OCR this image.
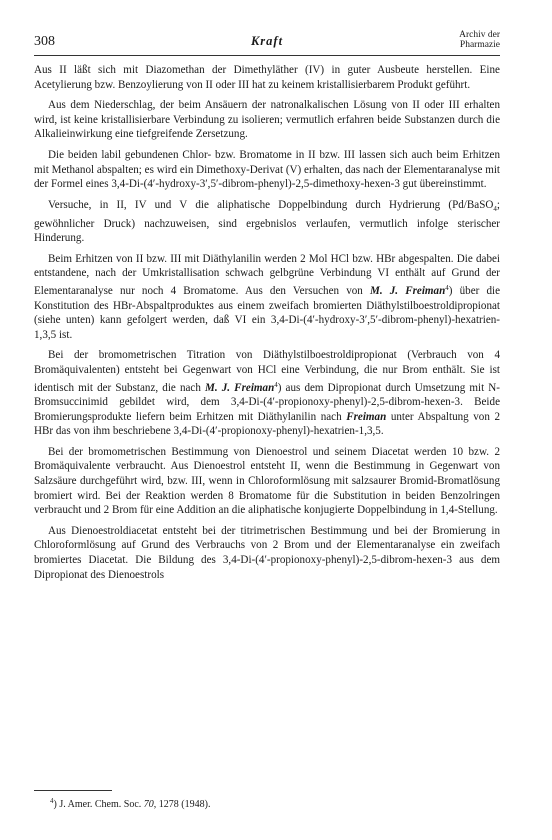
308	Kraft	Archiv der
Pharmazie

Aus II läßt sich mit Diazomethan der Dimethyläther (IV) in guter Ausbeute herstellen. Eine Acetylierung bzw. Benzoylierung von II oder III hat zu keinem kristallisierbarem Produkt geführt.

Aus dem Niederschlag, der beim Ansäuern der natronalkalischen Lösung von II oder III erhalten wird, ist keine kristallisierbare Verbindung zu isolieren; vermutlich erfahren beide Substanzen durch die Alkalieinwirkung eine tiefgreifende Zersetzung.

Die beiden labil gebundenen Chlor- bzw. Bromatome in II bzw. III lassen sich auch beim Erhitzen mit Methanol abspalten; es wird ein Dimethoxy-Derivat (V) erhalten, das nach der Elementaranalyse mit der Formel eines 3,4-Di-(4′-hydroxy-3′,5′-dibrom-phenyl)-2,5-dimethoxy-hexen-3 gut übereinstimmt.

Versuche, in II, IV und V die aliphatische Doppelbindung durch Hydrierung (Pd/BaSO$_4$; gewöhnlicher Druck) nachzuweisen, sind ergebnislos verlaufen, vermutlich infolge sterischer Hinderung.

Beim Erhitzen von II bzw. III mit Diäthylanilin werden 2 Mol HCl bzw. HBr abgespalten. Die dabei entstandene, nach der Umkristallisation schwach gelbgrüne Verbindung VI enthält auf Grund der Elementaranalyse nur noch 4 Bromatome. Aus den Versuchen von M. J. Freiman$^4$) über die Konstitution des HBr-Abspaltproduktes aus einem zweifach bromierten Diäthylstilboestroldipropionat (siehe unten) kann gefolgert werden, daß VI ein 3,4-Di-(4′-hydroxy-3′,5′-dibrom-phenyl)-hexatrien-1,3,5 ist.

Bei der bromometrischen Titration von Diäthylstilboestroldipropionat (Verbrauch von 4 Bromäquivalenten) entsteht bei Gegenwart von HCl eine Verbindung, die nur Brom enthält. Sie ist identisch mit der Substanz, die nach M. J. Freiman$^4$) aus dem Dipropionat durch Umsetzung mit N-Bromsuccinimid gebildet wird, dem 3,4-Di-(4′-propionoxy-phenyl)-2,5-dibrom-hexen-3. Beide Bromierungsprodukte liefern beim Erhitzen mit Diäthylanilin nach Freiman unter Abspaltung von 2 HBr das von ihm beschriebene 3,4-Di-(4′-propionoxy-phenyl)-hexatrien-1,3,5.

Bei der bromometrischen Bestimmung von Dienoestrol und seinem Diacetat werden 10 bzw. 2 Bromäquivalente verbraucht. Aus Dienoestrol entsteht II, wenn die Bestimmung in Gegenwart von Salzsäure durchgeführt wird, bzw. III, wenn in Chloroformlösung mit salzsaurer Bromid-Bromatlösung bromiert wird. Bei der Reaktion werden 8 Bromatome für die Substitution in beiden Benzolringen verbraucht und 2 Brom für eine Addition an die aliphatische konjugierte Doppelbindung in 1,4-Stellung.

Aus Dienoestroldiacetat entsteht bei der titrimetrischen Bestimmung und bei der Bromierung in Chloroformlösung auf Grund des Verbrauchs von 2 Brom und der Elementaranalyse ein zweifach bromiertes Diacetat. Die Bildung des 3,4-Di-(4′-propionoxy-phenyl)-2,5-dibrom-hexen-3 aus dem Dipropionat des Dienoestrols

$^4$) J. Amer. Chem. Soc. 70, 1278 (1948).
